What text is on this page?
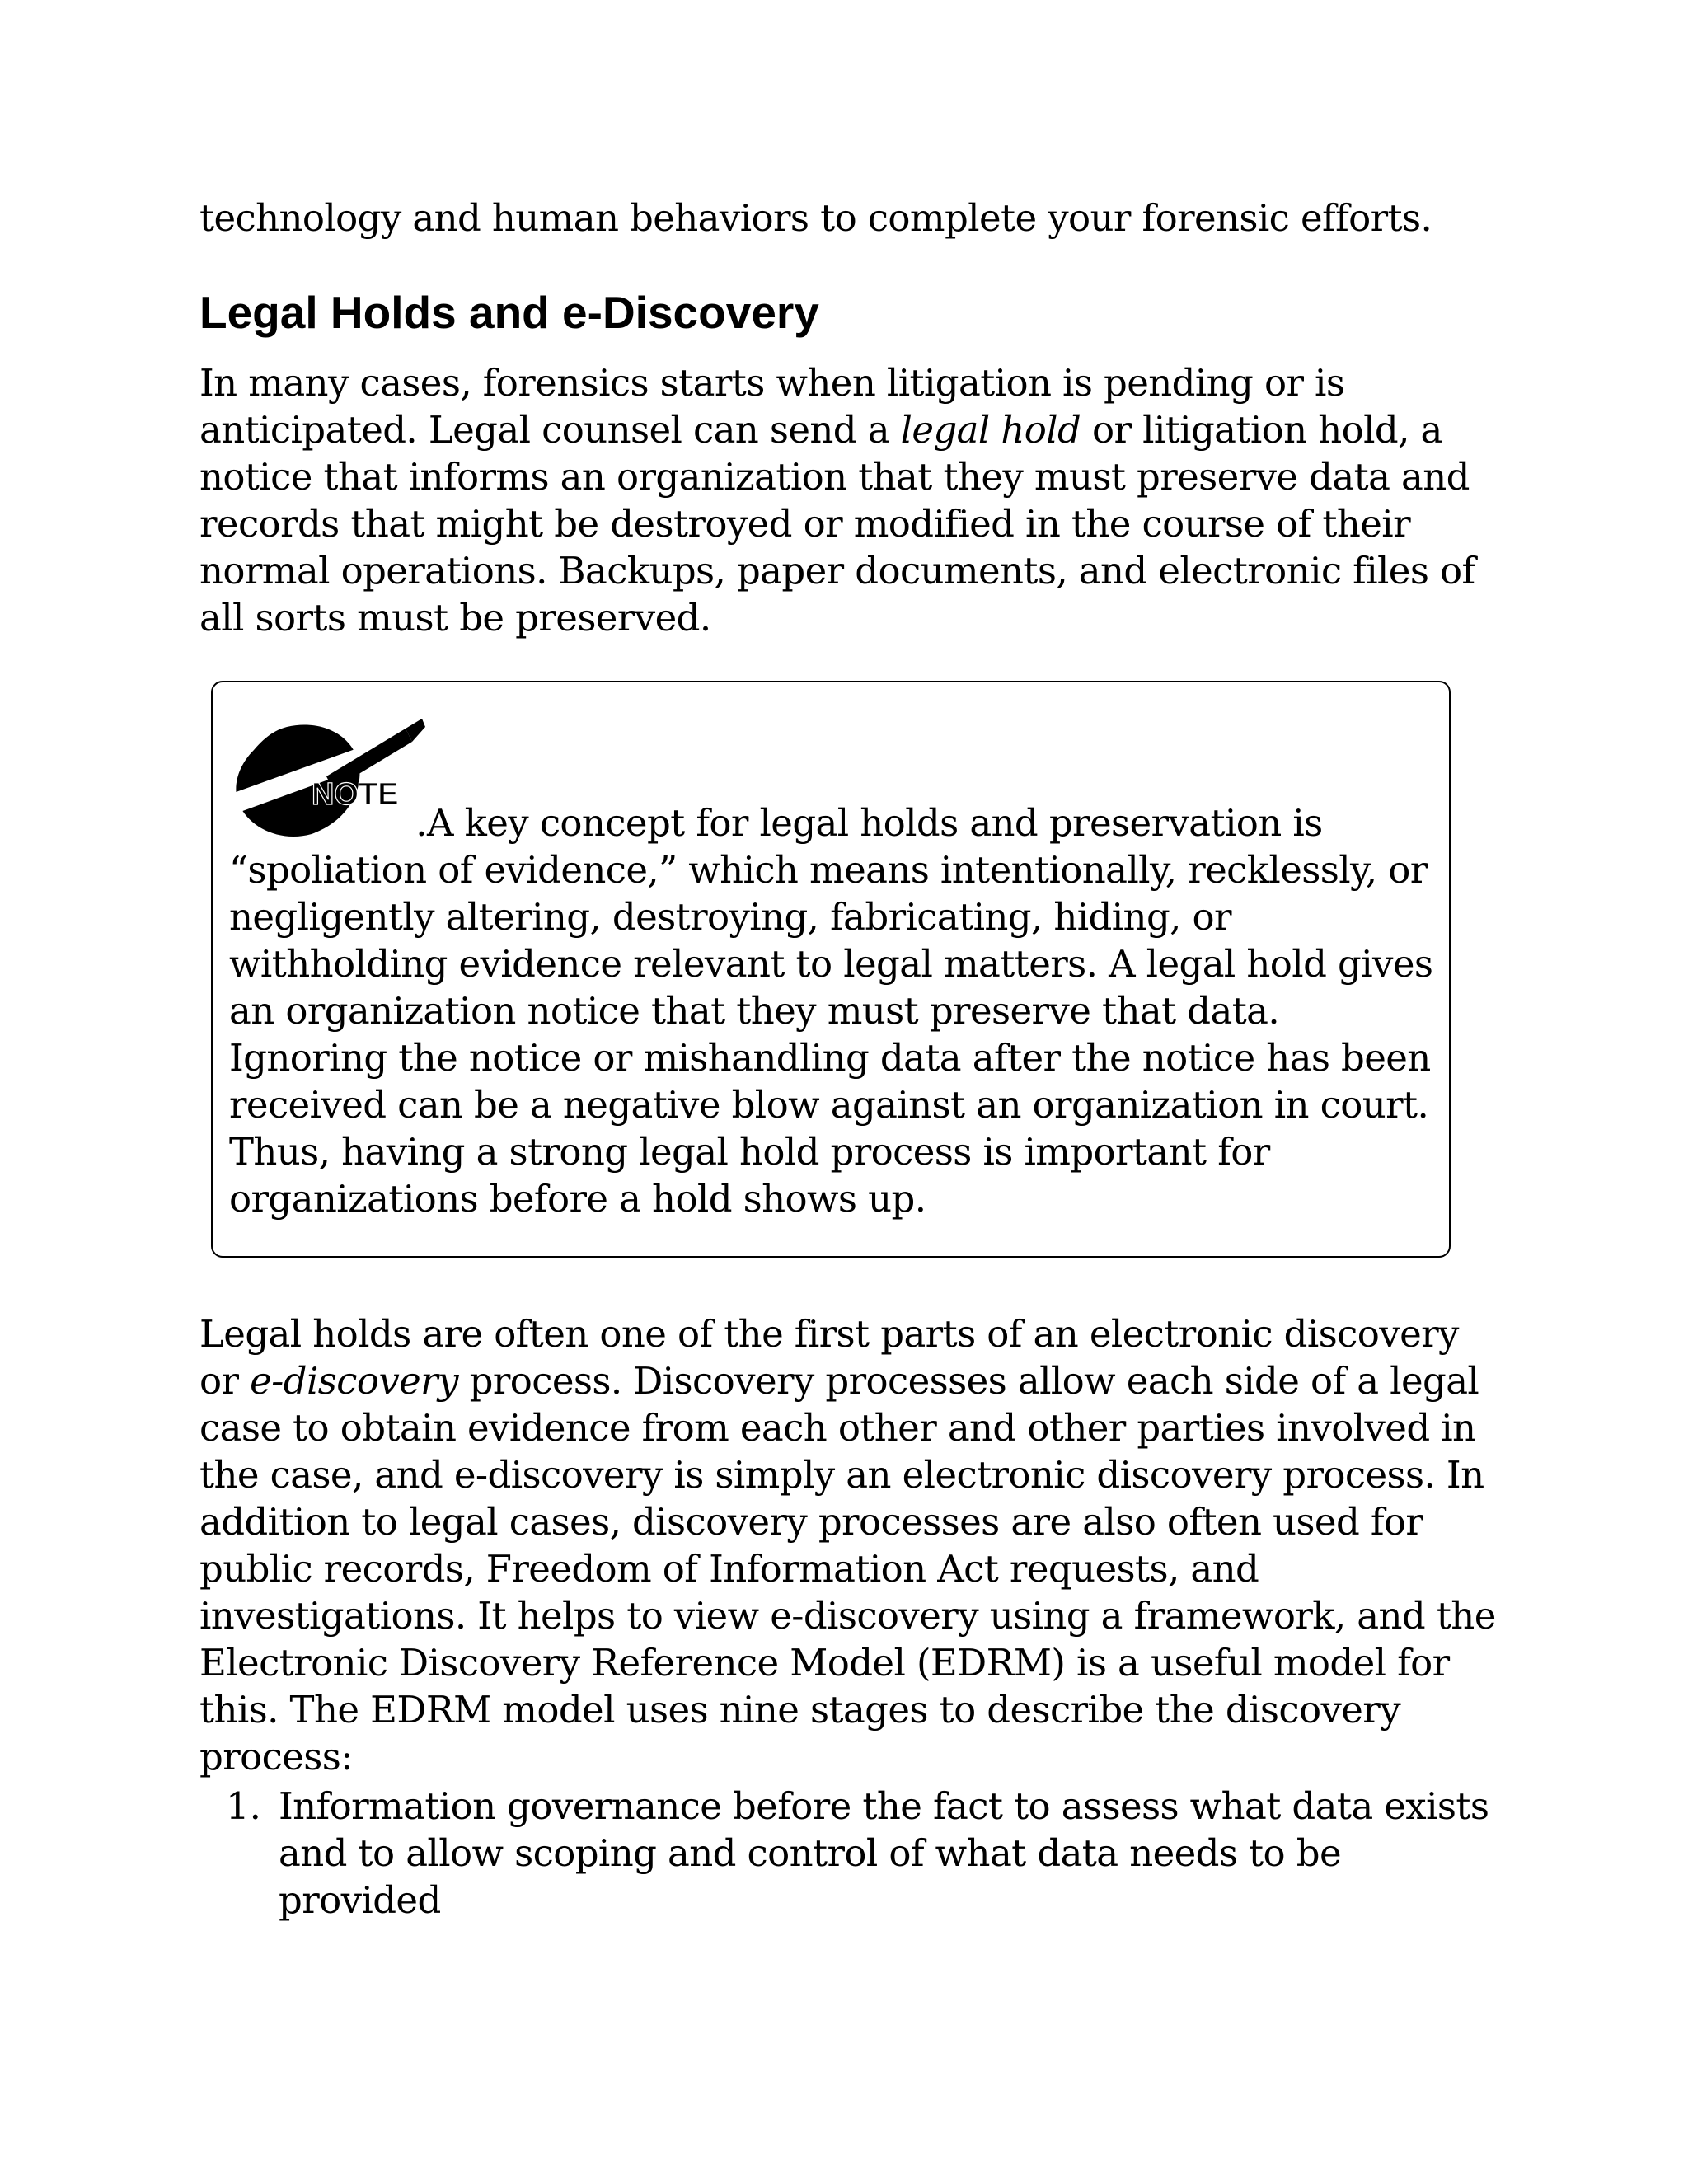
technology and human behaviors to complete your forensic efforts.

Legal Holds and e-Discovery

In many cases, forensics starts when litigation is pending or is anticipated. Legal counsel can send a legal hold or litigation hold, a notice that informs an organization that they must preserve data and records that might be destroyed or modified in the course of their normal operations. Backups, paper documents, and electronic files of all sorts must be preserved.

NOTE

.A key concept for legal holds and preservation is “spoliation of evidence,” which means intentionally, recklessly, or negligently altering, destroying, fabricating, hiding, or withholding evidence relevant to legal matters. A legal hold gives an organization notice that they must preserve that data. Ignoring the notice or mishandling data after the notice has been received can be a negative blow against an organization in court. Thus, having a strong legal hold process is important for organizations before a hold shows up.

Legal holds are often one of the first parts of an electronic discovery or e-discovery process. Discovery processes allow each side of a legal case to obtain evidence from each other and other parties involved in the case, and e-discovery is simply an electronic discovery process. In addition to legal cases, discovery processes are also often used for public records, Freedom of Information Act requests, and investigations. It helps to view e-discovery using a framework, and the Electronic Discovery Reference Model (EDRM) is a useful model for this. The EDRM model uses nine stages to describe the discovery process:

1. Information governance before the fact to assess what data exists and to allow scoping and control of what data needs to be provided
